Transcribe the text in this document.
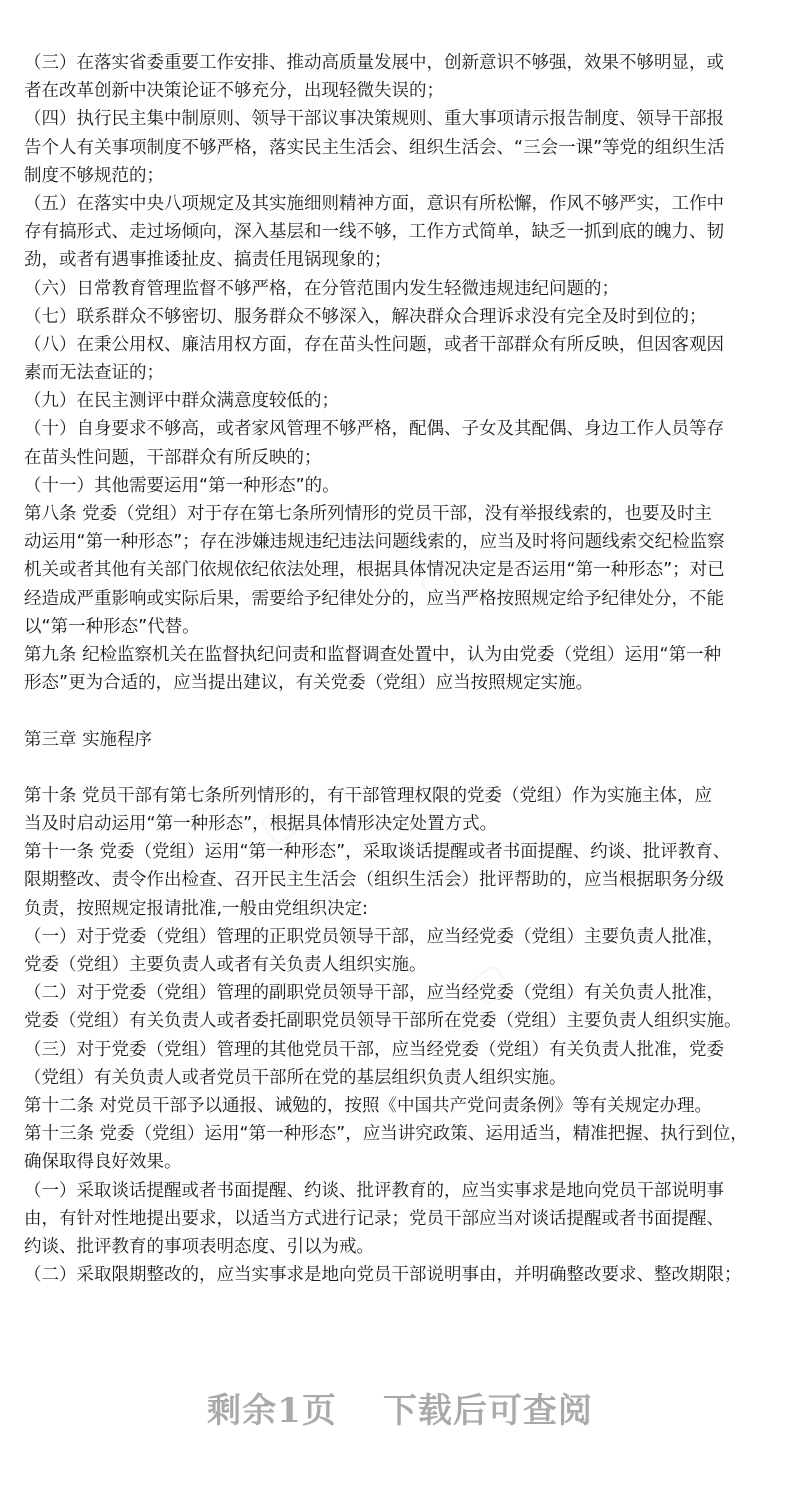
（三）在落实省委重要工作安排、推动高质量发展中，创新意识不够强，效果不够明显，或
者在改革创新中决策论证不够充分，出现轻微失误的；
（四）执行民主集中制原则、领导干部议事决策规则、重大事项请示报告制度、领导干部报
告个人有关事项制度不够严格，落实民主生活会、组织生活会、“三会一课”等党的组织生活
制度不够规范的；
（五）在落实中央八项规定及其实施细则精神方面，意识有所松懈，作风不够严实，工作中
存有搞形式、走过场倾向，深入基层和一线不够，工作方式简单，缺乏一抓到底的魄力、韧
劲，或者有遇事推诿扯皮、搞责任甩锅现象的；
（六）日常教育管理监督不够严格，在分管范围内发生轻微违规违纪问题的；
（七）联系群众不够密切、服务群众不够深入，解决群众合理诉求没有完全及时到位的；
（八）在秉公用权、廉洁用权方面，存在苗头性问题，或者干部群众有所反映，但因客观因
素而无法查证的；
（九）在民主测评中群众满意度较低的；
（十）自身要求不够高，或者家风管理不够严格，配偶、子女及其配偶、身边工作人员等存
在苗头性问题，干部群众有所反映的；
（十一）其他需要运用“第一种形态”的。
第八条 党委（党组）对于存在第七条所列情形的党员干部，没有举报线索的，也要及时主
动运用“第一种形态”；存在涉嫌违规违纪违法问题线索的，应当及时将问题线索交纪检监察
机关或者其他有关部门依规依纪依法处理，根据具体情况决定是否运用“第一种形态”；对已
经造成严重影响或实际后果，需要给予纪律处分的，应当严格按照规定给予纪律处分，不能
以“第一种形态”代替。
第九条 纪检监察机关在监督执纪问责和监督调查处置中，认为由党委（党组）运用“第一种
形态”更为合适的，应当提出建议，有关党委（党组）应当按照规定实施。
第三章 实施程序
第十条 党员干部有第七条所列情形的，有干部管理权限的党委（党组）作为实施主体，应
当及时启动运用“第一种形态”，根据具体情形决定处置方式。
第十一条 党委（党组）运用“第一种形态”，采取谈话提醒或者书面提醒、约谈、批评教育、
限期整改、责令作出检查、召开民主生活会（组织生活会）批评帮助的，应当根据职务分级
负责，按照规定报请批准,一般由党组织决定:
（一）对于党委（党组）管理的正职党员领导干部，应当经党委（党组）主要负责人批准，
党委（党组）主要负责人或者有关负责人组织实施。
（二）对于党委（党组）管理的副职党员领导干部，应当经党委（党组）有关负责人批准，
党委（党组）有关负责人或者委托副职党员领导干部所在党委（党组）主要负责人组织实施。
（三）对于党委（党组）管理的其他党员干部，应当经党委（党组）有关负责人批准，党委
（党组）有关负责人或者党员干部所在党的基层组织负责人组织实施。
第十二条 对党员干部予以通报、诫勉的，按照《中国共产党问责条例》等有关规定办理。
第十三条 党委（党组）运用“第一种形态”，应当讲究政策、运用适当，精准把握、执行到位，
确保取得良好效果。
（一）采取谈话提醒或者书面提醒、约谈、批评教育的，应当实事求是地向党员干部说明事
由，有针对性地提出要求，以适当方式进行记录；党员干部应当对谈话提醒或者书面提醒、
约谈、批评教育的事项表明态度、引以为戒。
（二）采取限期整改的，应当实事求是地向党员干部说明事由，并明确整改要求、整改期限；
剩余1页 下载后可查阅
